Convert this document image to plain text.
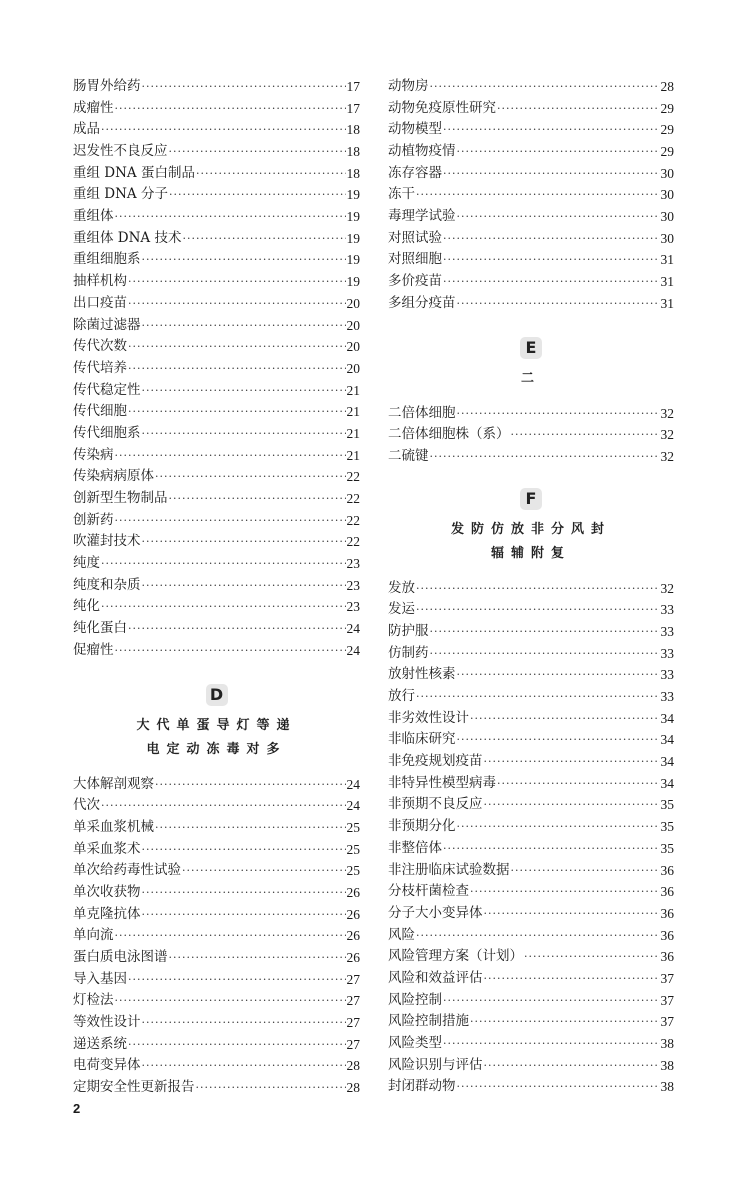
肠胃外给药 ·····	17
成瘤性 ·····	17
成品 ·····	18
迟发性不良反应 ·····	18
重组 DNA 蛋白制品 ·····	18
重组 DNA 分子 ·····	19
重组体 ·····	19
重组体 DNA 技术 ·····	19
重组细胞系 ·····	19
抽样机构 ·····	19
出口疫苗 ·····	20
除菌过滤器 ·····	20
传代次数 ·····	20
传代培养 ·····	20
传代稳定性 ·····	21
传代细胞 ·····	21
传代细胞系 ·····	21
传染病 ·····	21
传染病病原体 ·····	22
创新型生物制品 ·····	22
创新药 ·····	22
吹灌封技术 ·····	22
纯度 ·····	23
纯度和杂质 ·····	23
纯化 ·····	23
纯化蛋白 ·····	24
促瘤性 ·····	24
D
大代单蛋导灯等递
电定动冻毒对多
大体解剖观察 ·····	24
代次 ·····	24
单采血浆机械 ·····	25
单采血浆术 ·····	25
单次给药毒性试验 ·····	25
单次收获物 ·····	26
单克隆抗体 ·····	26
单向流 ·····	26
蛋白质电泳图谱 ·····	26
导入基因 ·····	27
灯检法 ·····	27
等效性设计 ·····	27
递送系统 ·····	27
电荷变异体 ·····	28
定期安全性更新报告 ·····	28
动物房 ·····	28
动物免疫原性研究 ·····	29
动物模型 ·····	29
动植物疫情 ·····	29
冻存容器 ·····	30
冻干 ·····	30
毒理学试验 ·····	30
对照试验 ·····	30
对照细胞 ·····	31
多价疫苗 ·····	31
多组分疫苗 ·····	31
E
二
二倍体细胞 ·····	32
二倍体细胞株（系） ·····	32
二硫键 ·····	32
F
发防仿放非分风封
辐辅附复
发放 ·····	32
发运 ·····	33
防护服 ·····	33
仿制药 ·····	33
放射性核素 ·····	33
放行 ·····	33
非劣效性设计 ·····	34
非临床研究 ·····	34
非免疫规划疫苗 ·····	34
非特异性模型病毒 ·····	34
非预期不良反应 ·····	35
非预期分化 ·····	35
非整倍体 ·····	35
非注册临床试验数据 ·····	36
分枝杆菌检查 ·····	36
分子大小变异体 ·····	36
风险 ·····	36
风险管理方案（计划） ·····	36
风险和效益评估 ·····	37
风险控制 ·····	37
风险控制措施 ·····	37
风险类型 ·····	38
风险识别与评估 ·····	38
封闭群动物 ·····	38
2
